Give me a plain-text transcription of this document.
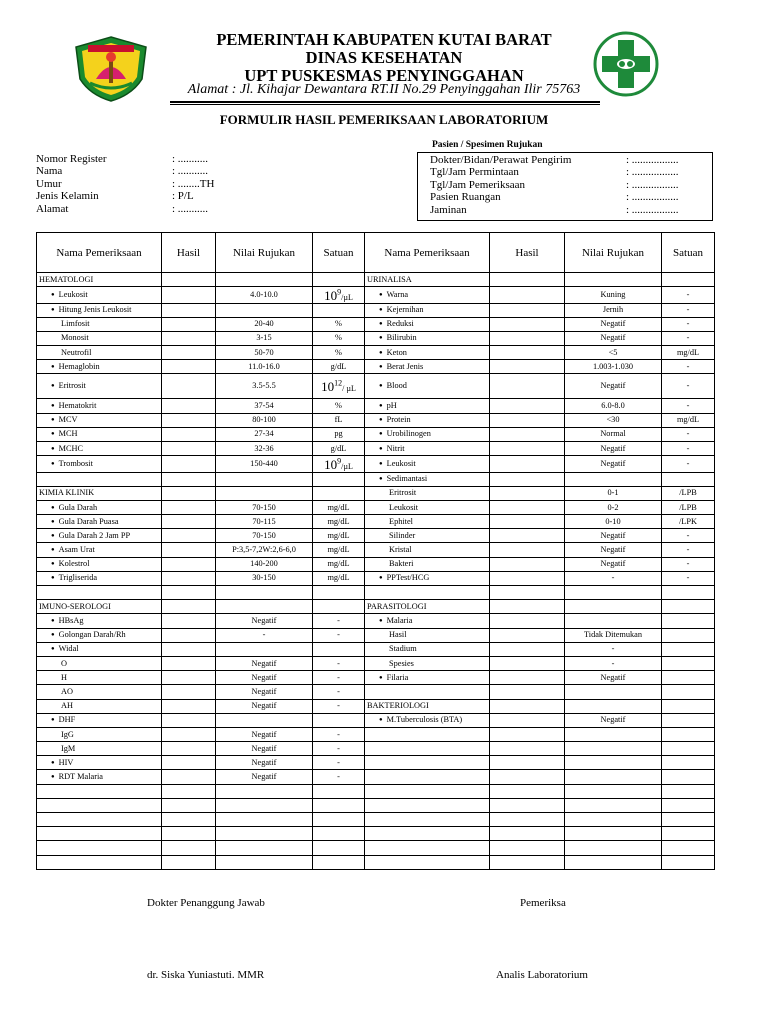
PEMERINTAH KABUPATEN KUTAI BARAT
DINAS KESEHATAN
UPT PUSKESMAS PENYINGGAHAN
Alamat : Jl. Kihajar Dewantara RT.II No.29 Penyinggahan Ilir 75763
FORMULIR HASIL PEMERIKSAAN LABORATORIUM
Pasien / Spesimen Rujukan
Nomor Register	: ...........
Nama	: ...........
Umur	: ........TH
Jenis Kelamin	: P/L
Alamat	: ...........
Dokter/Bidan/Perawat Pengirim	: .................
Tgl/Jam Permintaan	: .................
Tgl/Jam Pemeriksaan	: .................
Pasien Ruangan	: .................
Jaminan	: .................
Nama Pemeriksaan	Hasil	Nilai Rujukan	Satuan	Nama Pemeriksaan	Hasil	Nilai Rujukan	Satuan
HEMATOLOGI				URINALISA			
● Leukosit		4.0-10.0	$10^9/\mu L$	●Warna		Kuning	-
● Hitung Jenis Leukosit				●Kejernihan		Jernih	-
Limfosit		20-40	%	●Reduksi		Negatif	-
Monosit		3-15	%	●Bilirubin		Negatif	-
Neutrofil		50-70	%	●Keton		<5	mg/dL
● Hemaglobin		11.0-16.0	g/dL	●Berat Jenis		1.003-1.030	-
● Eritrosit		3.5-5.5	$10^{12}/$ µL	●Blood		Negatif	-
● Hematokrit		37-54	%	●pH		6.0-8.0	-
● MCV		80-100	fL	●Protein		<30	mg/dL
● MCH		27-34	pg	●Urobilinogen		Normal	-
● MCHC		32-36	g/dL	●Nitrit		Negatif	-
● Trombosit		150-440	$10^9/\mu L$	●Leukosit		Negatif	-
				● Sedimantasi			
KIMIA KLINIK				Eritrosit		0-1	/LPB
● Gula Darah		70-150	mg/dL	Leukosit		0-2	/LPB
● Gula Darah Puasa		70-115	mg/dL	Ephitel		0-10	/LPK
● Gula Darah 2 Jam PP		70-150	mg/dL	Silinder		Negatif	-
● Asam Urat		P:3,5-7,2W:2,6-6,0	mg/dL	Kristal		Negatif	-
● Kolestrol		140-200	mg/dL	Bakteri		Negatif	-
● Trigliserida		30-150	mg/dL	●PPTest/HCG		-	-

IMUNO-SEROLOGI				PARASITOLOGI			
● HBsAg		Negatif	-	●Malaria			
● Golongan Darah/Rh		-	-	Hasil		Tidak Ditemukan	
● Widal				Stadium		-	
O		Negatif	-	Spesies		-	
H		Negatif	-	●Filaria		Negatif	
AO		Negatif	-				
AH		Negatif	-	BAKTERIOLOGI			
● DHF				●M.Tuberculosis (BTA)		Negatif	
IgG		Negatif	-				
IgM		Negatif	-				
● HIV		Negatif	-				
● RDT Malaria		Negatif	-				

Dokter Penanggung Jawab	Pemeriksa
dr. Siska Yuniastuti. MMR	Analis Laboratorium
